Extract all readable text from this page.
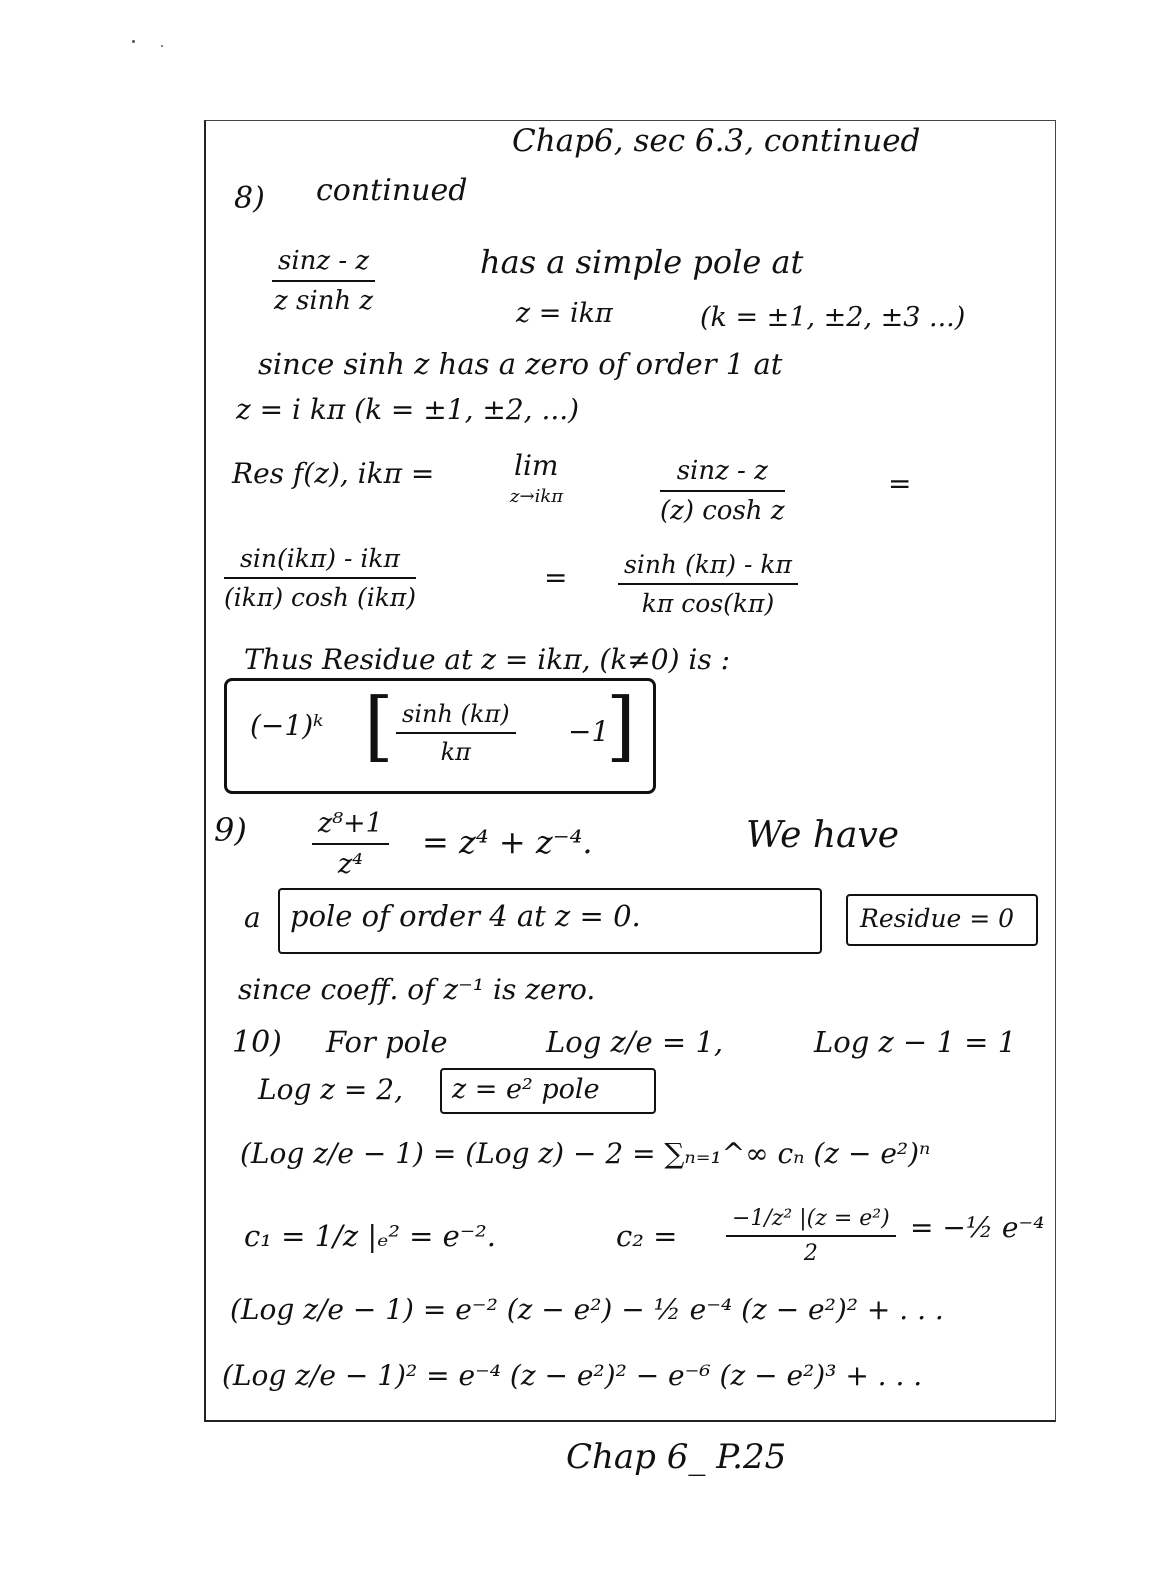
Chap6, sec 6.3, continued
8) continued
$\frac{\sin z - z}{\text{z sinh z}}$	has a simple pole at
z = ikπ	(k = ±1, ±2, ±3 ...)
since sinh z has a zero of order 1 at
z = i kπ (k = ±1, ±2, ...)
Res f(z), ikπ =	lim
z→ikπ	$\frac{\sin z - z}{\text{(z) cosh z}}$	=
sin(ikπ) - ikπ
(ikπ) cosh (ikπ)
= $\frac{\sinh (k\pi) - k\pi}{\text{kπ cos(kπ)}}$
Thus Residue at z = ikπ, (k≠0) is :
(−1)ᵏ [ $\frac{\sinh (k\pi)}{k\pi} -1$
]
$9) \frac{\text{z⁸+1}}{\text{z⁴}} = z^4 + z^{-4}$.	We have
a pole of order 4 at z = 0.	Residue = 0
since coeff. of z⁻¹ is zero.
10) For pole	Log z/e = 1,	Log z − 1 = 1
Log z = 2, z = e² pole
(Log z/e − 1) = (Log z) − 2 = ∑ₙ₌₁^∞ cₙ (z − e²)ⁿ
c₁ = 1/z |ₑ² = e⁻².	$c_2 = \frac{\text{−1/z² |(z = e²)}}{2}$ = −½ e⁻⁴
(Log z/e − 1) = e⁻² (z − e²) − ½ e⁻⁴ (z − e²)² + . . .
(Log z/e − 1)² = e⁻⁴ (z − e²)² − e⁻⁶ (z − e²)³ + . . .
Chap 6_ P.25
